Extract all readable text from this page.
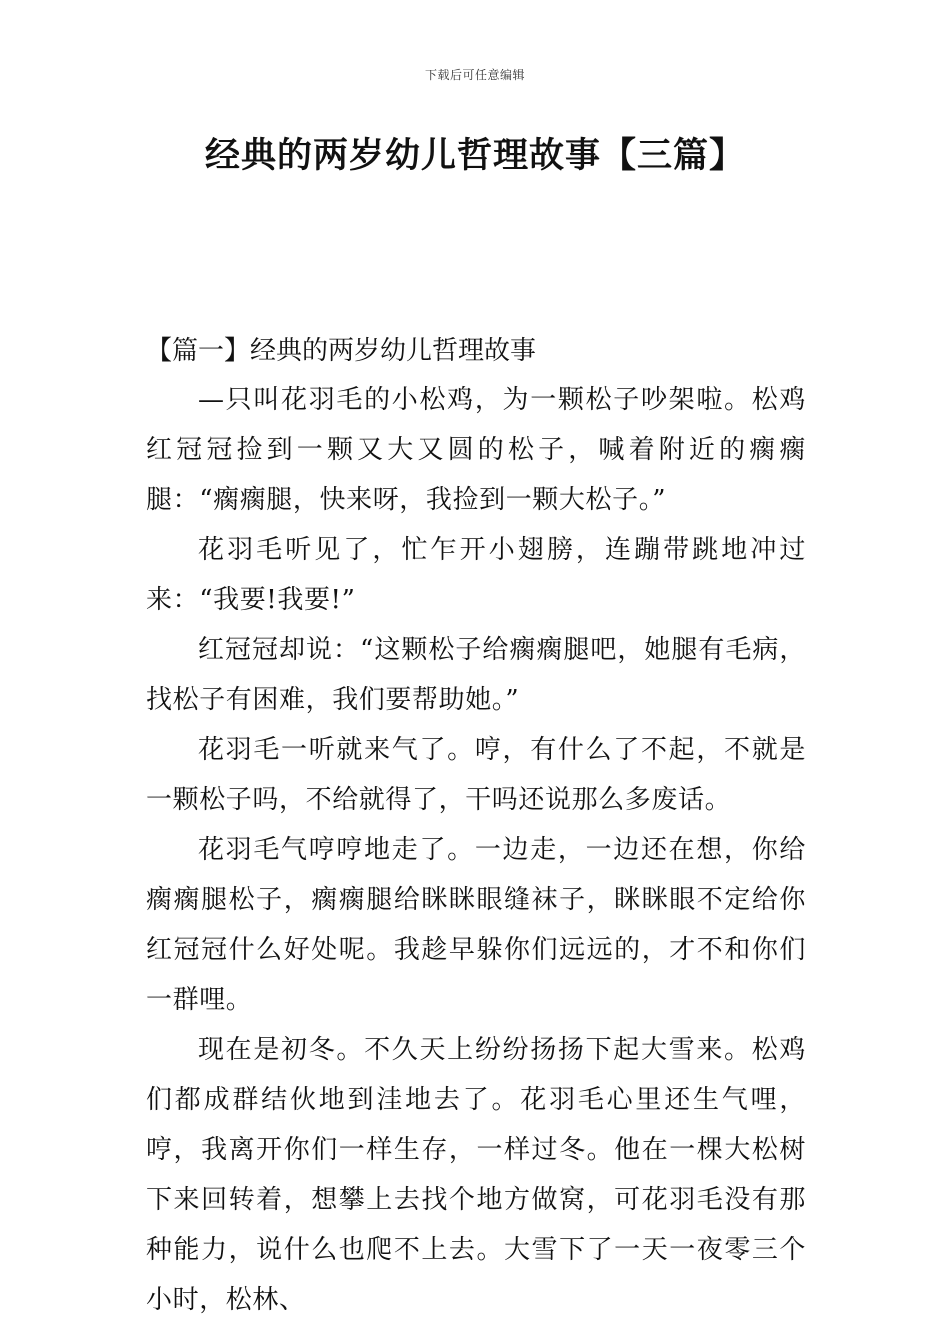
下载后可任意编辑
经典的两岁幼儿哲理故事【三篇】

【篇一】经典的两岁幼儿哲理故事

—只叫花羽毛的小松鸡，为一颗松子吵架啦。松鸡红冠冠捡到一颗又大又圆的松子，喊着附近的瘸瘸腿：“瘸瘸腿，快来呀，我捡到一颗大松子。”

花羽毛听见了，忙乍开小翅膀，连蹦带跳地冲过来：“我要!我要!”

红冠冠却说：“这颗松子给瘸瘸腿吧，她腿有毛病，找松子有困难，我们要帮助她。”

花羽毛一听就来气了。哼，有什么了不起，不就是一颗松子吗，不给就得了，干吗还说那么多废话。

花羽毛气哼哼地走了。一边走，一边还在想，你给瘸瘸腿松子，瘸瘸腿给眯眯眼缝袜子，眯眯眼不定给你红冠冠什么好处呢。我趁早躲你们远远的，才不和你们一群哩。

现在是初冬。不久天上纷纷扬扬下起大雪来。松鸡们都成群结伙地到洼地去了。花羽毛心里还生气哩，哼，我离开你们一样生存，一样过冬。他在一棵大松树下来回转着，想攀上去找个地方做窝，可花羽毛没有那种能力，说什么也爬不上去。大雪下了一天一夜零三个小时，松林、
